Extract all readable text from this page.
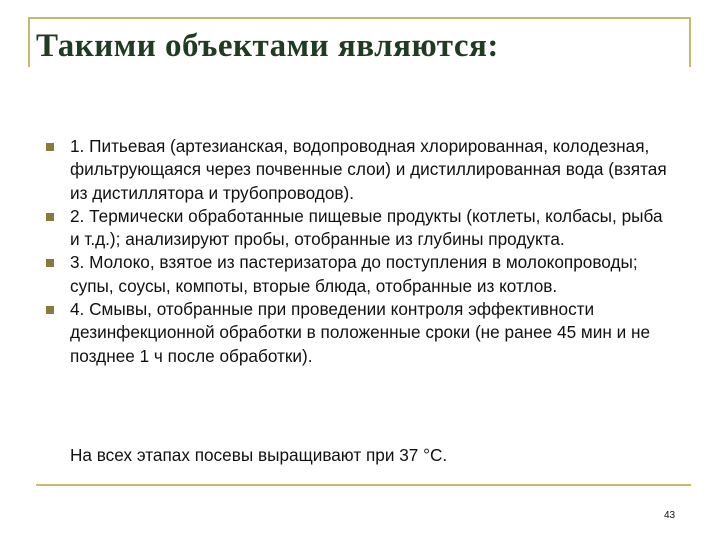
Такими объектами являются:
1. Питьевая (артезианская, водопроводная хлорированная, колодезная, фильтрующаяся через почвенные слои) и дистиллированная вода (взятая из дистиллятора и трубопроводов).
2. Термически обработанные пищевые продукты (котлеты, колбасы, рыба и т.д.); анализируют пробы, отобранные из глубины продукта.
3. Молоко, взятое из пастеризатора до поступления в молокопроводы; супы, соусы, компоты, вторые блюда, отобранные из котлов.
4. Смывы, отобранные при проведении контроля эффективности дезинфекционной обработки в положенные сроки (не ранее 45 мин и не позднее 1 ч после обработки).
На всех этапах посевы выращивают при 37 °С.
43
